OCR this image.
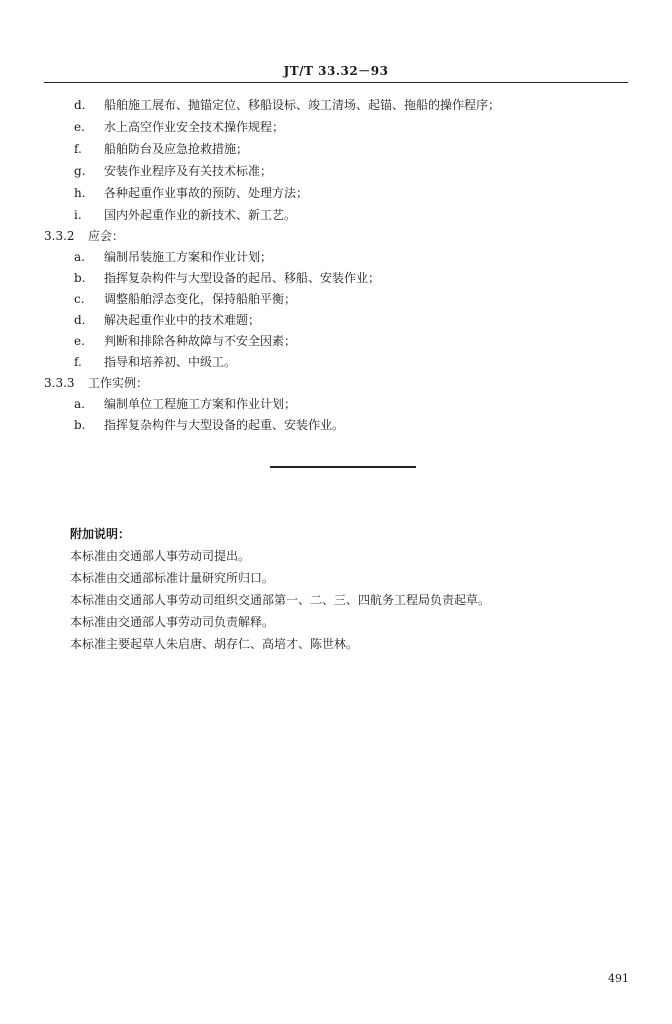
JT/T 33.32－93
d. 船舶施工展布、抛锚定位、移船设标、竣工清场、起锚、拖船的操作程序；
e. 水上高空作业安全技术操作规程；
f. 船舶防台及应急抢救措施；
g. 安装作业程序及有关技术标准；
h. 各种起重作业事故的预防、处理方法；
i. 国内外起重作业的新技术、新工艺。
3.3.2 应会：
a. 编制吊装施工方案和作业计划；
b. 指挥复杂构件与大型设备的起吊、移船、安装作业；
c. 调整船舶浮态变化，保持船舶平衡；
d. 解决起重作业中的技术难题；
e. 判断和排除各种故障与不安全因素；
f. 指导和培养初、中级工。
3.3.3 工作实例：
a. 编制单位工程施工方案和作业计划；
b. 指挥复杂构件与大型设备的起重、安装作业。
附加说明：
本标准由交通部人事劳动司提出。
本标准由交通部标准计量研究所归口。
本标准由交通部人事劳动司组织交通部第一、二、三、四航务工程局负责起草。
本标准由交通部人事劳动司负责解释。
本标准主要起草人朱启唐、胡存仁、高培才、陈世林。
491
